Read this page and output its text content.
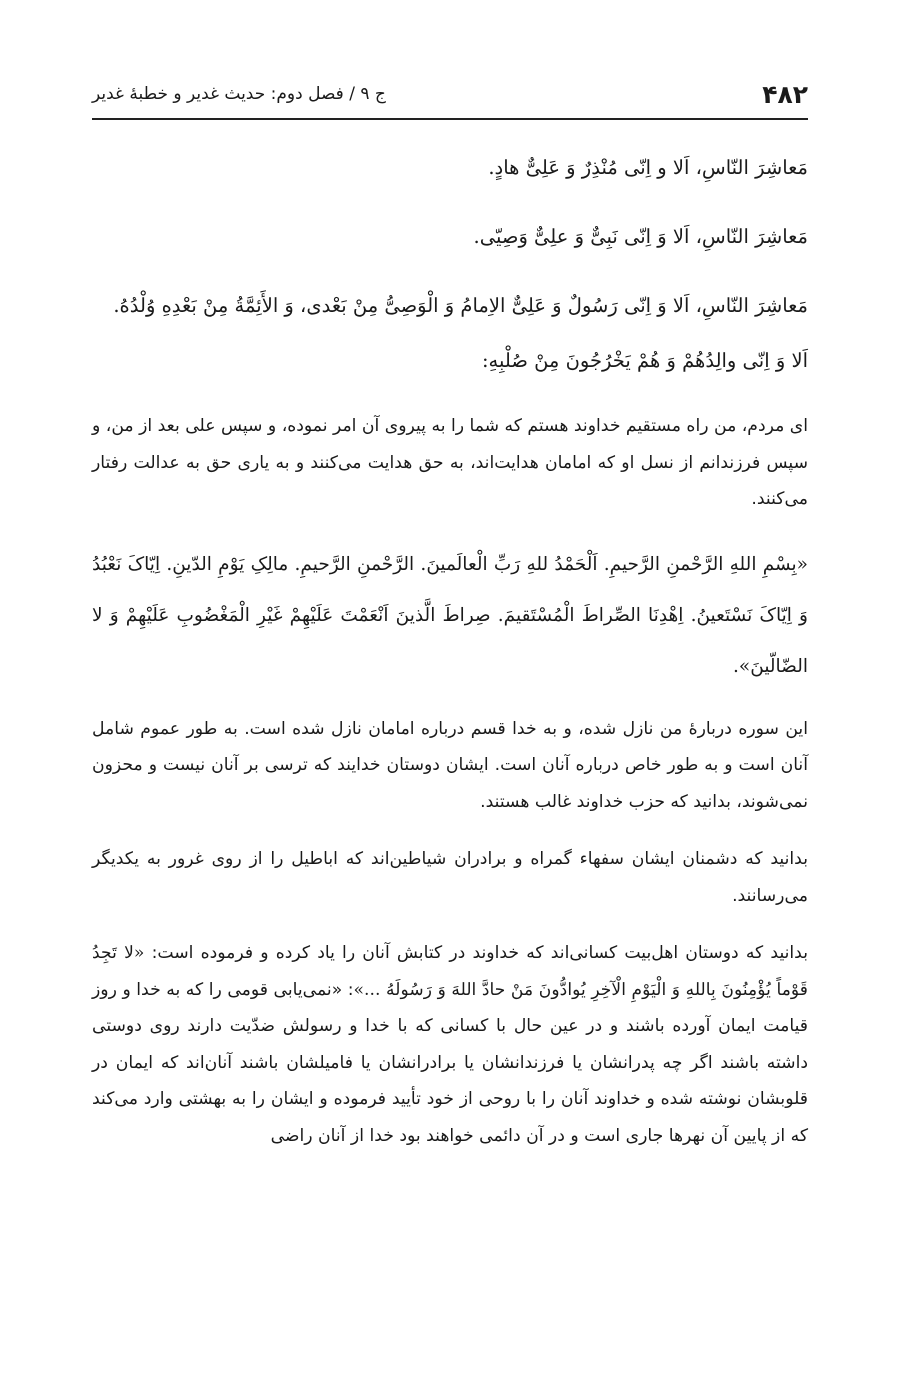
۴۸۲
ج ۹ / فصل دوم: حدیث غدیر و خطبهٔ غدیر

مَعاشِرَ النّاسِ، اَلا و اِنّی مُنْذِرٌ وَ عَلِیٌّ هادٍ.

مَعاشِرَ النّاسِ، اَلا وَ اِنّی نَبِیٌّ وَ علِیٌّ وَصِیّی.

مَعاشِرَ النّاسِ، اَلا وَ اِنّی رَسُولٌ وَ عَلِیٌّ الاِمامُ وَ الْوَصِیُّ مِنْ بَعْدی، وَ الأَئِمَّةُ مِنْ بَعْدِهِ وُلْدُهُ. اَلا وَ اِنّی والِدُهُمْ وَ هُمْ یَخْرُجُونَ مِنْ صُلْبِهِ:

ای مردم، من راه مستقیم خداوند هستم که شما را به پیروی آن امر نموده، و سپس علی بعد از من، و سپس فرزندانم از نسل او که امامان هدایت‌اند، به حق هدایت می‌کنند و به یاری حق به عدالت رفتار می‌کنند.

«بِسْمِ اللهِ الرَّحْمنِ الرَّحیمِ. اَلْحَمْدُ للهِ رَبِّ الْعالَمینَ. الرَّحْمنِ الرَّحیمِ. مالِکِ یَوْمِ الدّینِ. اِیّاکَ نَعْبُدُ وَ اِیّاکَ نَسْتَعینُ. اِهْدِنَا الصِّراطَ الْمُسْتَقیمَ. صِراطَ الَّذینَ اَنْعَمْتَ عَلَیْهِمْ غَیْرِ الْمَغْضُوبِ عَلَیْهِمْ وَ لا الضّالّینَ».

این سوره دربارهٔ من نازل شده، و به خدا قسم درباره امامان نازل شده است. به طور عموم شامل آنان است و به طور خاص درباره آنان است. ایشان دوستان خدایند که ترسی بر آنان نیست و محزون نمی‌شوند، بدانید که حزب خداوند غالب هستند.

بدانید که دشمنان ایشان سفهاء گمراه و برادران شیاطین‌اند که اباطیل را از روی غرور به یکدیگر می‌رسانند.

بدانید که دوستان اهل‌بیت کسانی‌اند که خداوند در کتابش آنان را یاد کرده و فرموده است: «لا تَجِدُ قَوْماً یُؤْمِنُونَ بِاللهِ وَ الْیَوْمِ الْآخِرِ یُوادُّونَ مَنْ حادَّ اللهَ وَ رَسُولَهُ ...»: «نمی‌یابی قومی را که به خدا و روز قیامت ایمان آورده باشند و در عین حال با کسانی که با خدا و رسولش ضدّیت دارند روی دوستی داشته باشند اگر چه پدرانشان یا فرزندانشان یا برادرانشان یا فامیلشان باشند آنان‌اند که ایمان در قلوبشان نوشته شده و خداوند آنان را با روحی از خود تأیید فرموده و ایشان را به بهشتی وارد می‌کند که از پایین آن نهرها جاری است و در آن دائمی خواهند بود خدا از آنان راضی
